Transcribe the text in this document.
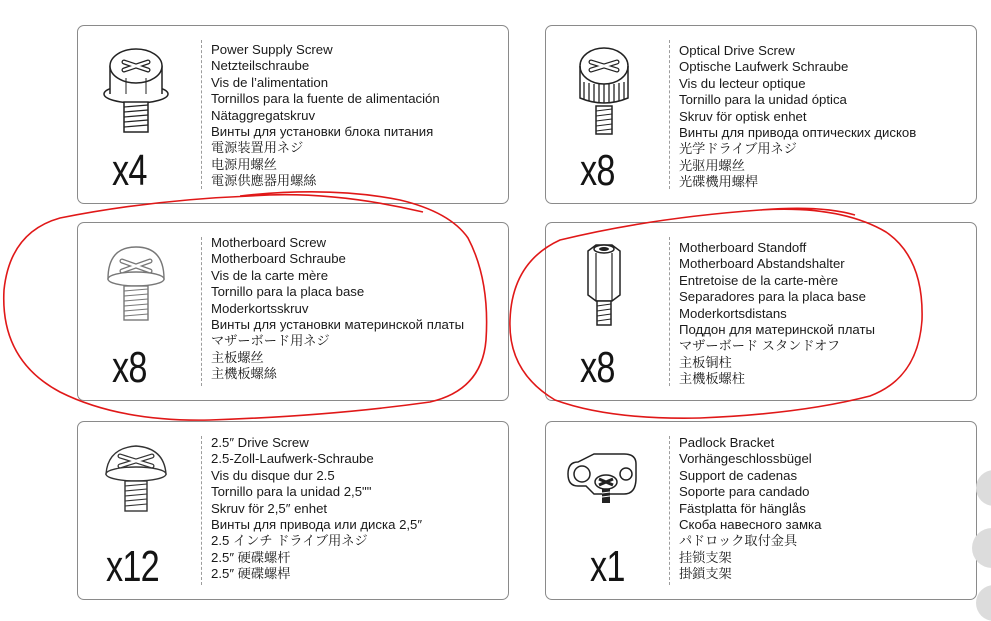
x4
Power Supply Screw
Netzteilschraube
Vis de l’alimentation
Tornillos para la fuente de alimentación
Nätaggregatskruv
Винты для установки блока питания
電源装置用ネジ
电源用螺丝
電源供應器用螺絲	x8
Optical Drive Screw
Optische Laufwerk Schraube
Vis du lecteur optique
Tornillo para la unidad óptica
Skruv för optisk enhet
Винты для привода оптических дисков
光学ドライブ用ネジ
光驱用螺丝
光碟機用螺桿
x8
Motherboard Screw
Motherboard Schraube
Vis de la carte mère
Tornillo para la placa base
Moderkortsskruv
Винты для установки материнской платы
マザーボード用ネジ
主板螺丝
主機板螺絲	x8
Motherboard Standoff
Motherboard Abstandshalter
Entretoise de la carte-mère
Separadores para la placa base
Moderkortsdistans
Поддон для материнской платы
マザーボード スタンドオフ
主板铜柱
主機板螺柱
x12
2.5″ Drive Screw
2.5-Zoll-Laufwerk-Schraube
Vis du disque dur 2.5
Tornillo para la unidad 2,5""
Skruv för 2,5″ enhet
Винты для привода или диска 2,5″
2.5 インチ ドライブ用ネジ
2.5″ 硬碟螺杆
2.5″ 硬碟螺桿	x1
Padlock Bracket
Vorhängeschlossbügel
Support de cadenas
Soporte para candado
Fästplatta för hänglås
Скоба навесного замка
パドロック取付金具
挂锁支架
掛鎖支架
